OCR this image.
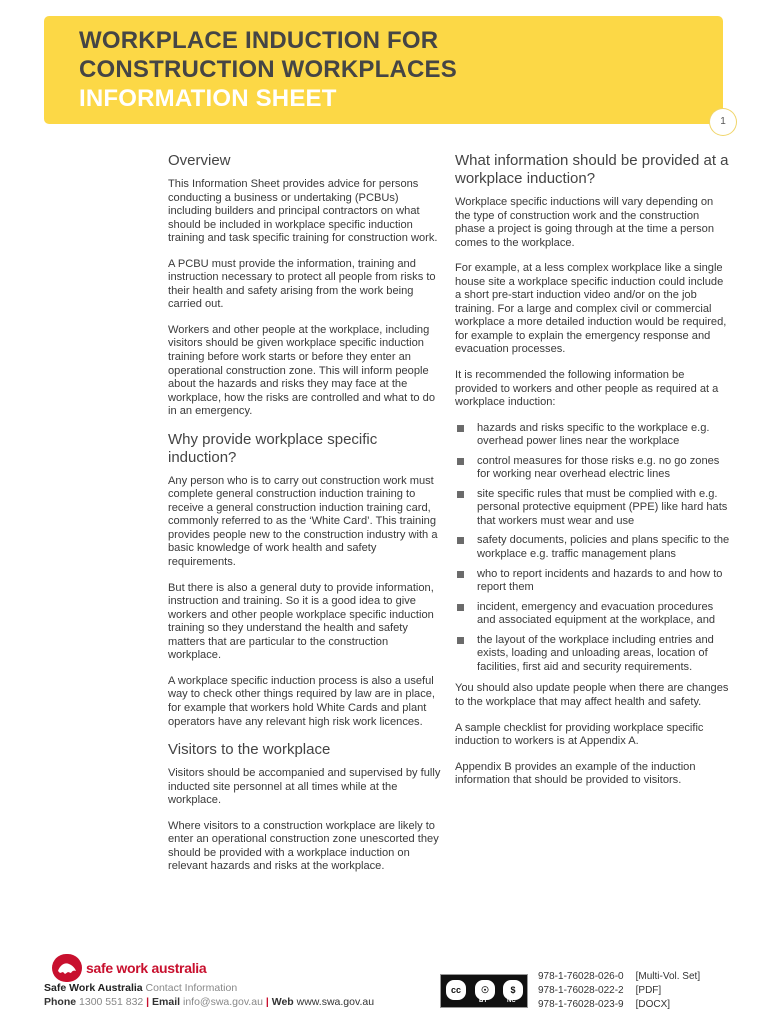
WORKPLACE INDUCTION FOR
CONSTRUCTION WORKPLACES
INFORMATION SHEET
1
Overview

This Information Sheet provides advice for persons conducting a business or undertaking (PCBUs) including builders and principal contractors on what should be included in workplace specific induction training and task specific training for construction work.

A PCBU must provide the information, training and instruction necessary to protect all people from risks to their health and safety arising from the work being carried out.

Workers and other people at the workplace, including visitors should be given workplace specific induction training before work starts or before they enter an operational construction zone. This will inform people about the hazards and risks they may face at the workplace, how the risks are controlled and what to do in an emergency.

Why provide workplace specific induction?

Any person who is to carry out construction work must complete general construction induction training to receive a general construction induction training card, commonly referred to as the ‘White Card’. This training provides people new to the construction industry with a basic knowledge of work health and safety requirements.

But there is also a general duty to provide information, instruction and training. So it is a good idea to give workers and other people workplace specific induction training so they understand the health and safety matters that are particular to the construction workplace.

A workplace specific induction process is also a useful way to check other things required by law are in place, for example that workers hold White Cards and plant operators have any relevant high risk work licences.

Visitors to the workplace

Visitors should be accompanied and supervised by fully inducted site personnel at all times while at the workplace.

Where visitors to a construction workplace are likely to enter an operational construction zone unescorted they should be provided with a workplace induction on relevant hazards and risks at the workplace.

What information should be provided at a workplace induction?

Workplace specific inductions will vary depending on the type of construction work and the construction phase a project is going through at the time a person comes to the workplace.

For example, at a less complex workplace like a single house site a workplace specific induction could include a short pre-start induction video and/or on the job training. For a large and complex civil or commercial workplace a more detailed induction would be required, for example to explain the emergency response and evacuation processes.

It is recommended the following information be provided to workers and other people as required at a workplace induction:

hazards and risks specific to the workplace e.g. overhead power lines near the workplace
control measures for those risks e.g. no go zones for working near overhead electric lines
site specific rules that must be complied with e.g. personal protective equipment (PPE) like hard hats that workers must wear and use
safety documents, policies and plans specific to the workplace e.g. traffic management plans
who to report incidents and hazards to and how to report them
incident, emergency and evacuation procedures and associated equipment at the workplace, and
the layout of the workplace including entries and exists, loading and unloading areas, location of facilities, first aid and security requirements.

You should also update people when there are changes to the workplace that may affect health and safety.

A sample checklist for providing workplace specific induction to workers is at Appendix A.

Appendix B provides an example of the induction information that should be provided to visitors.

safe work australia
Safe Work Australia Contact Information
Phone 1300 551 832 | Email info@swa.gov.au | Web www.swa.gov.au
cc	☉	$
BY	NC
978-1-76028-026-0 [Multi-Vol. Set]
978-1-76028-022-2 [PDF]
978-1-76028-023-9 [DOCX]
